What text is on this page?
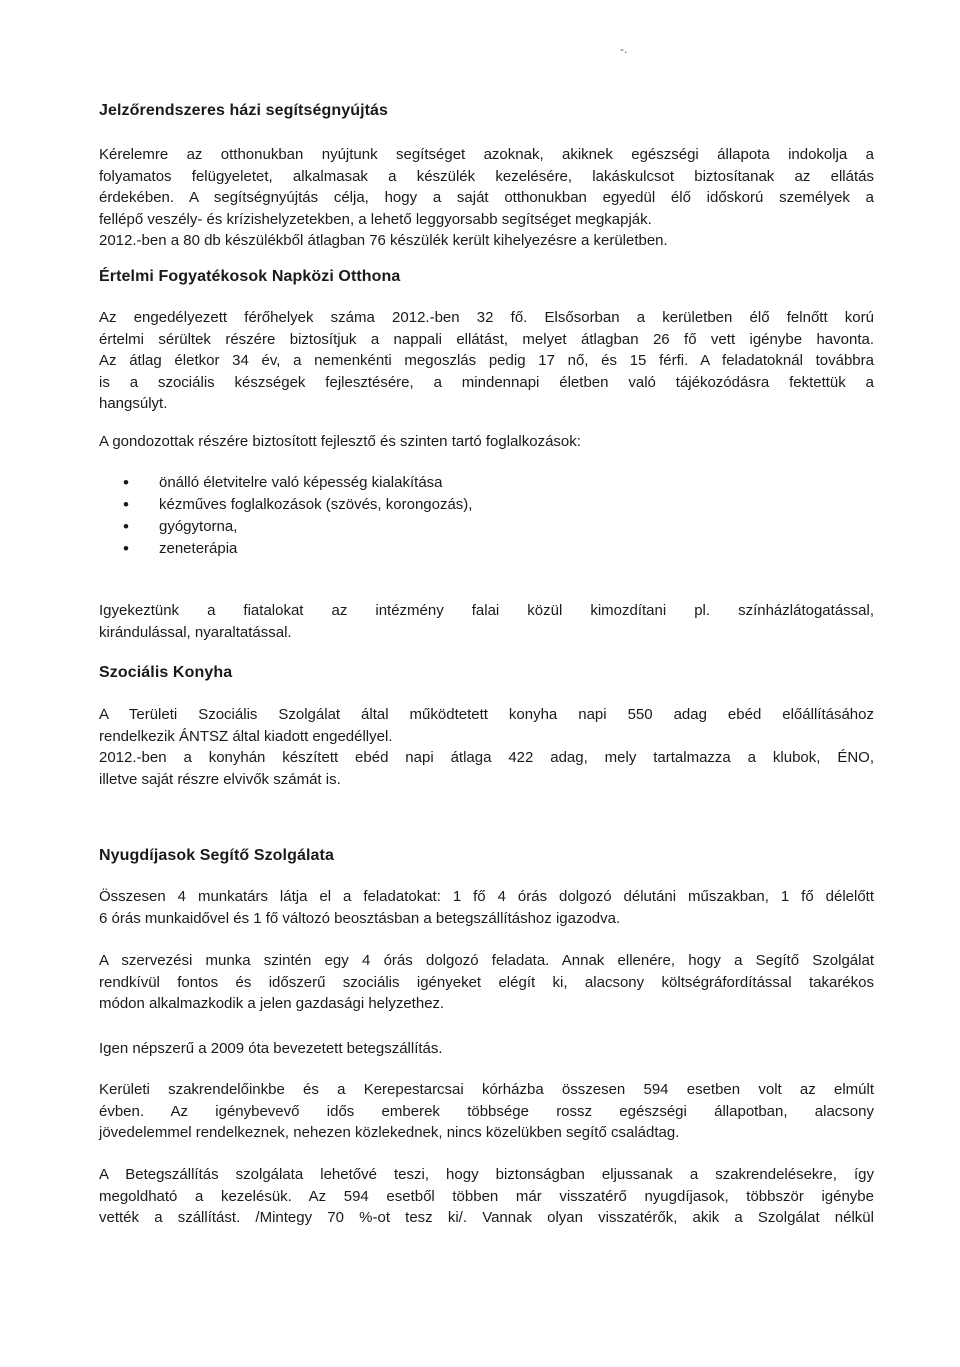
-.
Jelzőrendszeres házi segítségnyújtás

Kérelemre az otthonukban nyújtunk segítséget azoknak, akiknek egészségi állapota indokolja a
folyamatos felügyeletet, alkalmasak a készülék kezelésére, lakáskulcsot biztosítanak az ellátás
érdekében. A segítségnyújtás célja, hogy a saját otthonukban egyedül élő időskorú személyek a
fellépő veszély- és krízishelyzetekben, a lehető leggyorsabb segítséget megkapják.
2012.-ben a 80 db készülékből átlagban 76 készülék került kihelyezésre a kerületben.

Értelmi Fogyatékosok Napközi Otthona

Az engedélyezett férőhelyek száma 2012.-ben 32 fő. Elsősorban a kerületben élő felnőtt korú
értelmi sérültek részére biztosítjuk a nappali ellátást, melyet átlagban 26 fő vett igénybe havonta.
Az átlag életkor 34 év, a nemenkénti megoszlás pedig 17 nő, és 15 férfi. A feladatoknál továbbra
is a szociális készségek fejlesztésére, a mindennapi életben való tájékozódásra fektettük a
hangsúlyt.

A gondozottak részére biztosított fejlesztő és szinten tartó foglalkozások:

• önálló életvitelre való képesség kialakítása
• kézműves foglalkozások (szövés, korongozás),
• gyógytorna,
• zeneterápia

Igyekeztünk a fiatalokat az intézmény falai közül kimozdítani pl. színházlátogatással,
kirándulással, nyaraltatással.

Szociális Konyha

A Területi Szociális Szolgálat által működtetett konyha napi 550 adag ebéd előállításához
rendelkezik ÁNTSZ által kiadott engedéllyel.
2012.-ben a konyhán készített ebéd napi átlaga 422 adag, mely tartalmazza a klubok, ÉNO,
illetve saját részre elvivők számát is.

Nyugdíjasok Segítő Szolgálata

Összesen 4 munkatárs látja el a feladatokat: 1 fő 4 órás dolgozó délutáni műszakban, 1 fő délelőtt
6 órás munkaidővel és 1 fő változó beosztásban a betegszállításhoz igazodva.

A szervezési munka szintén egy 4 órás dolgozó feladata. Annak ellenére, hogy a Segítő Szolgálat
rendkívül fontos és időszerű szociális igényeket elégít ki, alacsony költségráfordítással takarékos
módon alkalmazkodik a jelen gazdasági helyzethez.

Igen népszerű a 2009 óta bevezetett betegszállítás.

Kerületi szakrendelőinkbe és a Kerepestarcsai kórházba összesen 594 esetben volt az elmúlt
évben. Az igénybevevő idős emberek többsége rossz egészségi állapotban, alacsony
jövedelemmel rendelkeznek, nehezen közlekednek, nincs közelükben segítő családtag.

A Betegszállítás szolgálata lehetővé teszi, hogy biztonságban eljussanak a szakrendelésekre, így
megoldható a kezelésük. Az 594 esetből többen már visszatérő nyugdíjasok, többször igénybe
vették a szállítást. /Mintegy 70 %-ot tesz ki/. Vannak olyan visszatérők, akik a Szolgálat nélkül
